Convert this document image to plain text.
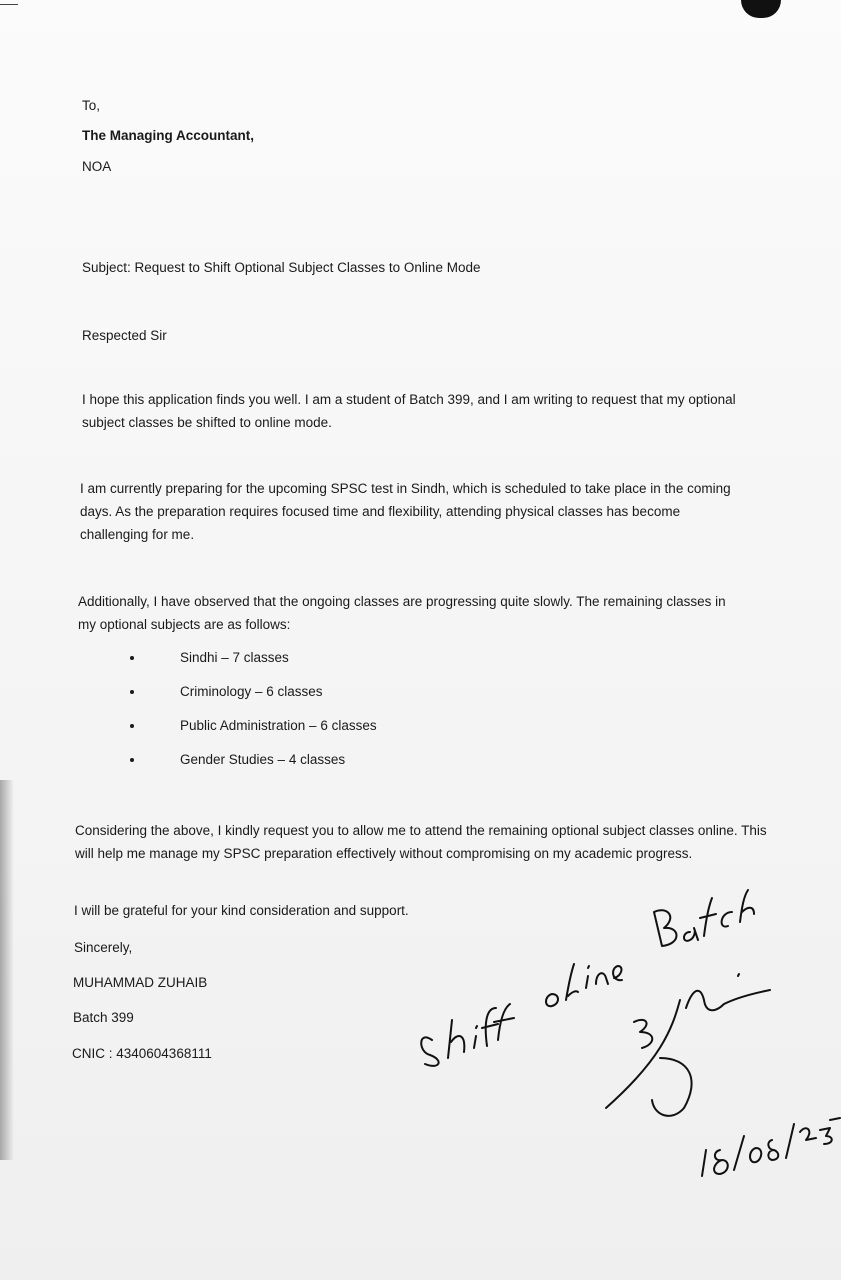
To,
The Managing Accountant,
NOA
Subject: Request to Shift Optional Subject Classes to Online Mode
Respected Sir
I hope this application finds you well. I am a student of Batch 399, and I am writing to request that my optional subject classes be shifted to online mode.
I am currently preparing for the upcoming SPSC test in Sindh, which is scheduled to take place in the coming days. As the preparation requires focused time and flexibility, attending physical classes has become challenging for me.
Additionally, I have observed that the ongoing classes are progressing quite slowly. The remaining classes in my optional subjects are as follows:
Sindhi – 7 classes
Criminology – 6 classes
Public Administration – 6 classes
Gender Studies – 4 classes
Considering the above, I kindly request you to allow me to attend the remaining optional subject classes online. This will help me manage my SPSC preparation effectively without compromising on my academic progress.
I will be grateful for your kind consideration and support.
Sincerely,
MUHAMMAD ZUHAIB
Batch 399
CNIC : 4340604368111
